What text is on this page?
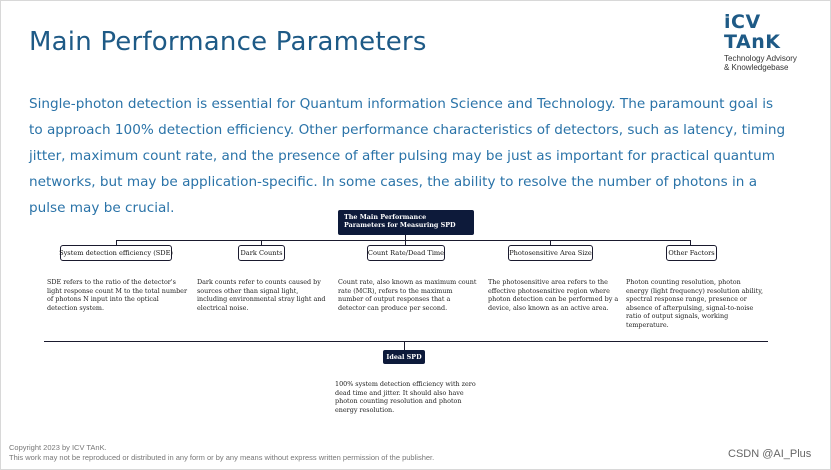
Main Performance Parameters
iCV TAnK
Technology Advisory
& Knowledgebase
Single-photon detection is essential for Quantum information Science and Technology. The paramount goal is to approach 100% detection efficiency. Other performance characteristics of detectors, such as latency, timing jitter, maximum count rate, and the presence of after pulsing may be just as important for practical quantum networks, but may be application-specific. In some cases, the ability to resolve the number of photons in a pulse may be crucial.
The Main Performance Parameters for Measuring SPD
System detection efficiency (SDE)	Dark Counts	Count Rate/Dead Time	Photosensitive Area Size	Other Factors
SDE refers to the ratio of the detector's light response count M to the total number of photons N input into the optical detection system.
Dark counts refer to counts caused by sources other than signal light, including environmental stray light and electrical noise.
Count rate, also known as maximum count rate (MCR), refers to the maximum number of output responses that a detector can produce per second.
The photosensitive area refers to the effective photosensitive region where photon detection can be performed by a device, also known as an active area.
Photon counting resolution, photon energy (light frequency) resolution ability, spectral response range, presence or absence of afterpulsing, signal-to-noise ratio of output signals, working temperature.
Ideal SPD
100% system detection efficiency with zero dead time and jitter. It should also have photon counting resolution and photon energy resolution.
Copyright 2023 by ICV TAnK.
This work may not be reproduced or distributed in any form or by any means without express written permission of the publisher.	CSDN @AI_Plus
